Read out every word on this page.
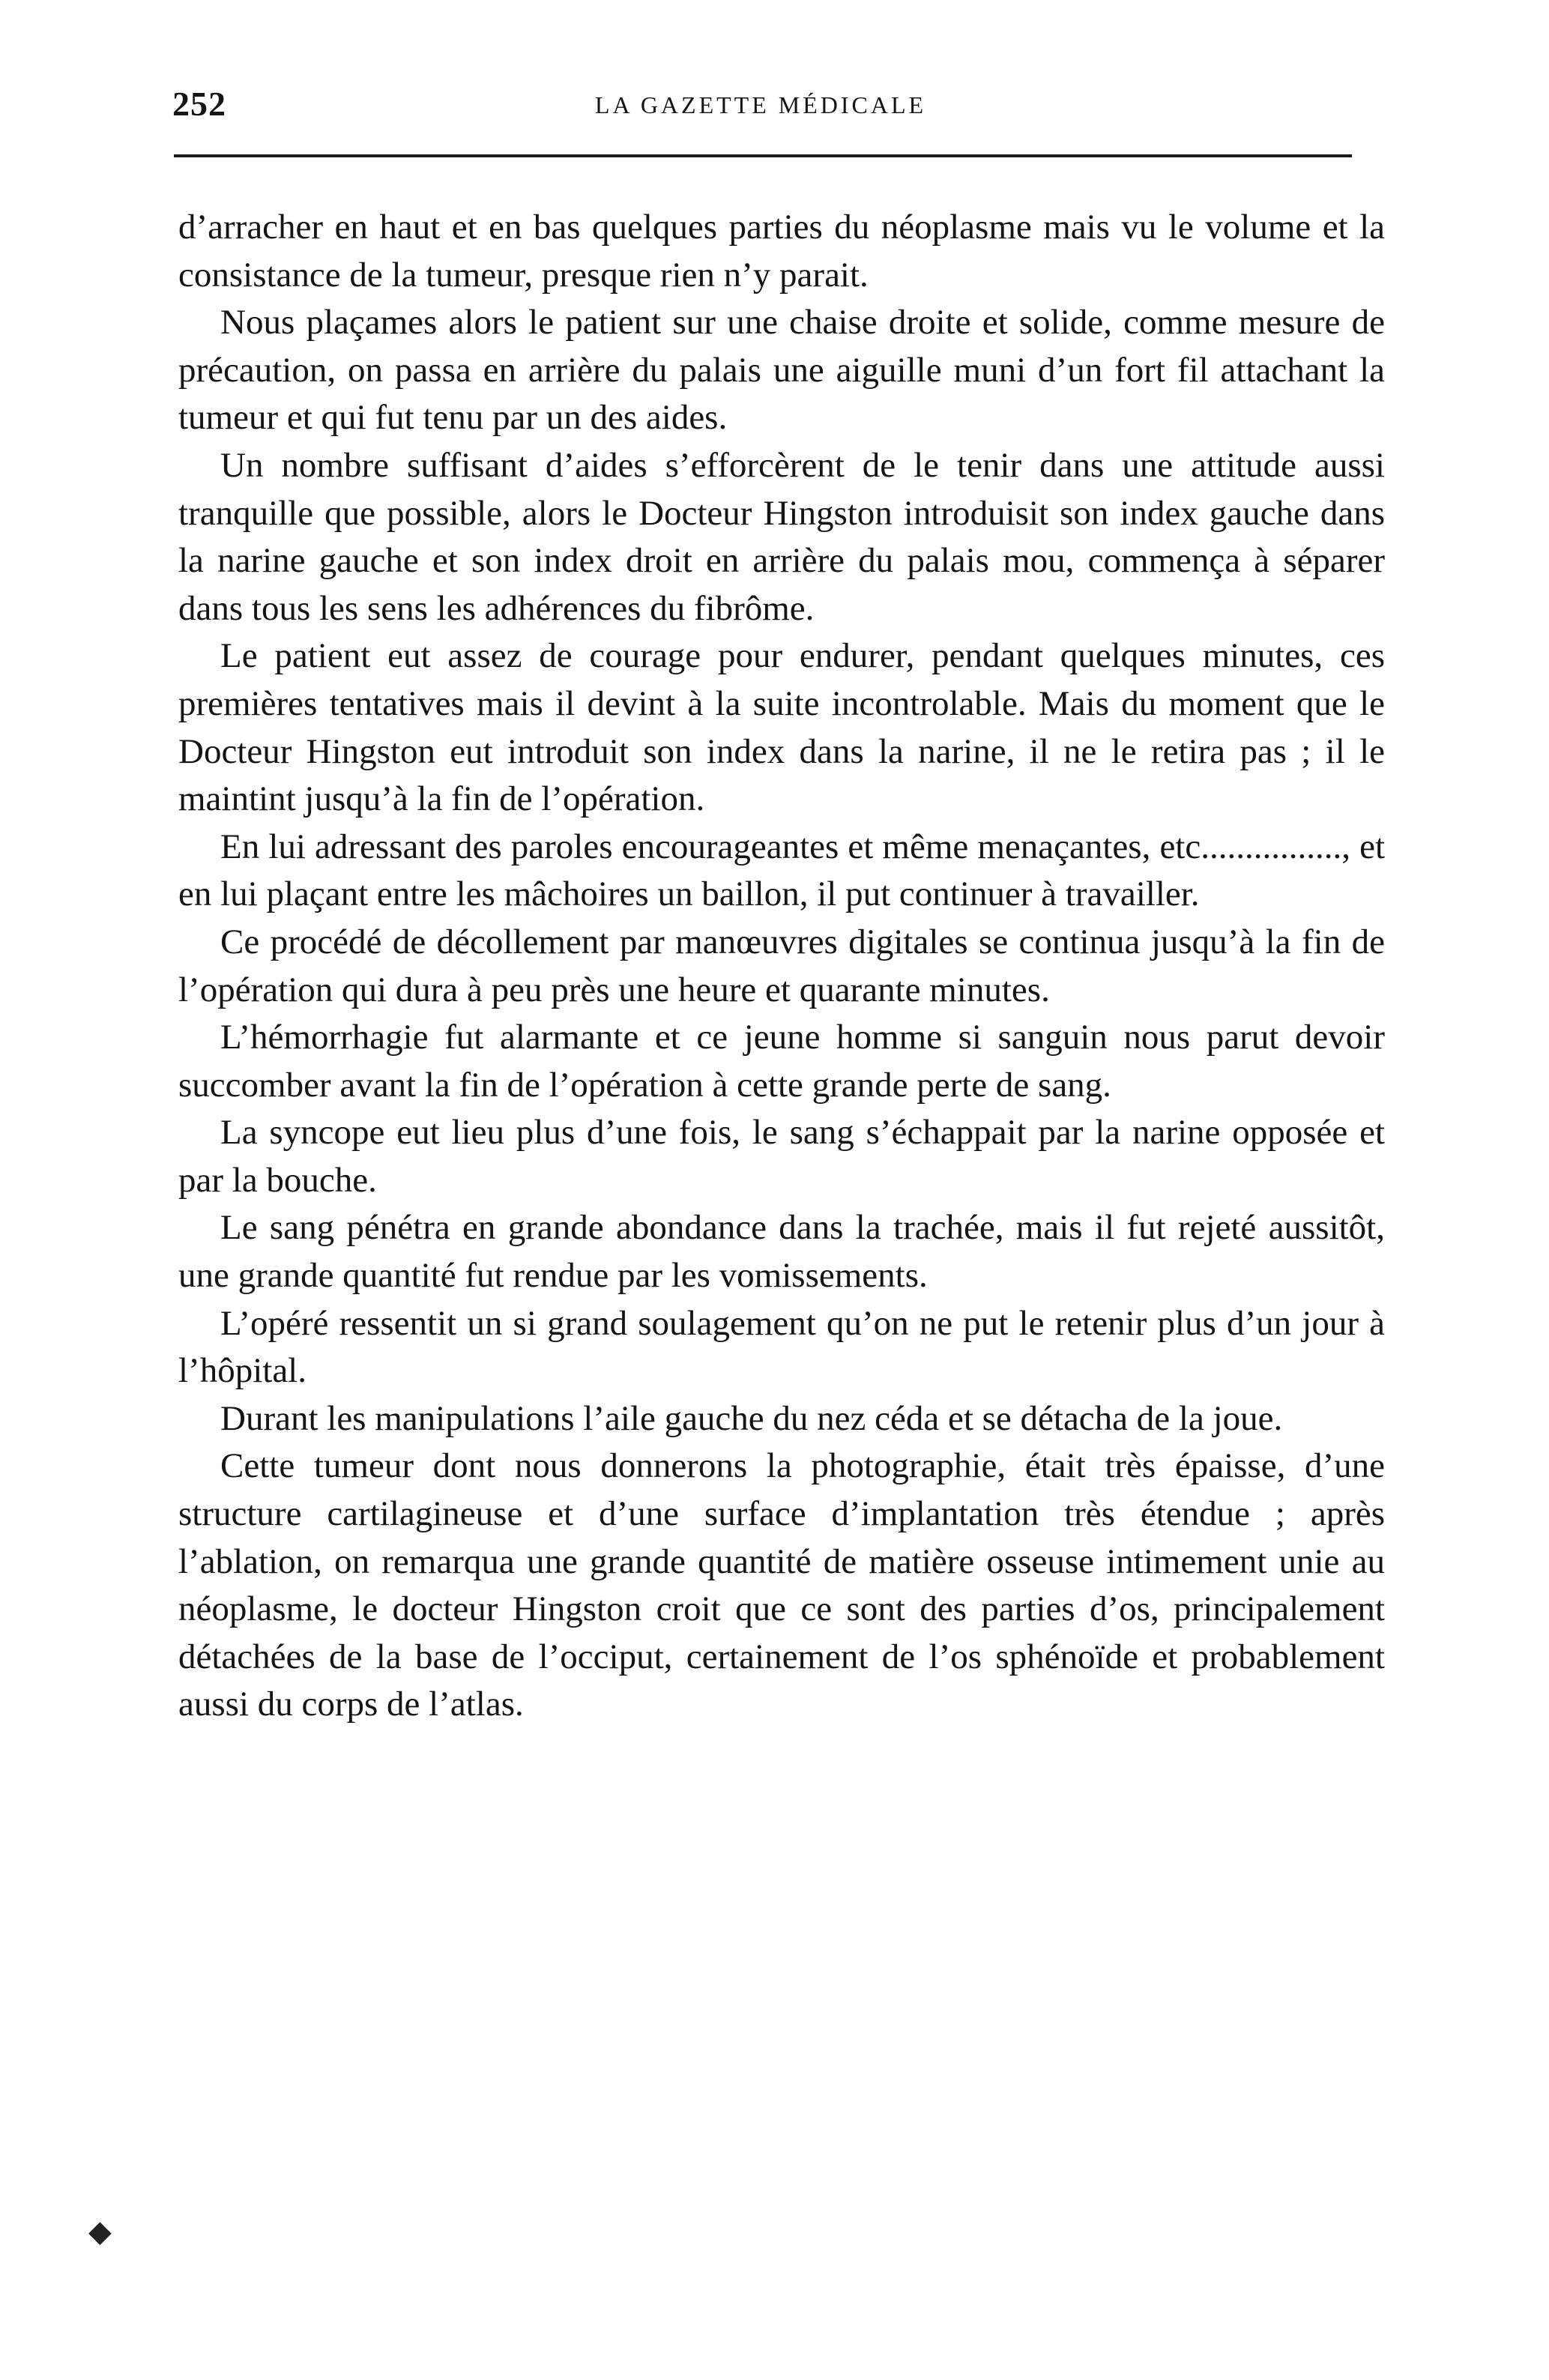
252	LA GAZETTE MÉDICALE

d’arracher en haut et en bas quelques parties du néoplasme mais vu le volume et la consistance de la tumeur, presque rien n’y parait.

Nous plaçames alors le patient sur une chaise droite et solide, comme mesure de précaution, on passa en arrière du palais une aiguille muni d’un fort fil attachant la tumeur et qui fut tenu par un des aides.

Un nombre suffisant d’aides s’efforcèrent de le tenir dans une attitude aussi tranquille que possible, alors le Docteur Hingston introduisit son index gauche dans la narine gauche et son index droit en arrière du palais mou, commença à séparer dans tous les sens les adhérences du fibrôme.

Le patient eut assez de courage pour endurer, pendant quelques minutes, ces premières tentatives mais il devint à la suite incontrolable. Mais du moment que le Docteur Hingston eut introduit son index dans la narine, il ne le retira pas ; il le maintint jusqu’à la fin de l’opération.

En lui adressant des paroles encourageantes et même menaçantes, etc................, et en lui plaçant entre les mâchoires un baillon, il put continuer à travailler.

Ce procédé de décollement par manœuvres digitales se continua jusqu’à la fin de l’opération qui dura à peu près une heure et quarante minutes.

L’hémorrhagie fut alarmante et ce jeune homme si sanguin nous parut devoir succomber avant la fin de l’opération à cette grande perte de sang.

La syncope eut lieu plus d’une fois, le sang s’échappait par la narine opposée et par la bouche.

Le sang pénétra en grande abondance dans la trachée, mais il fut rejeté aussitôt, une grande quantité fut rendue par les vomissements.

L’opéré ressentit un si grand soulagement qu’on ne put le retenir plus d’un jour à l’hôpital.

Durant les manipulations l’aile gauche du nez céda et se détacha de la joue.

Cette tumeur dont nous donnerons la photographie, était très épaisse, d’une structure cartilagineuse et d’une surface d’implantation très étendue ; après l’ablation, on remarqua une grande quantité de matière osseuse intimement unie au néoplasme, le docteur Hingston croit que ce sont des parties d’os, principalement détachées de la base de l’occiput, certainement de l’os sphénoïde et probablement aussi du corps de l’atlas.

◆
